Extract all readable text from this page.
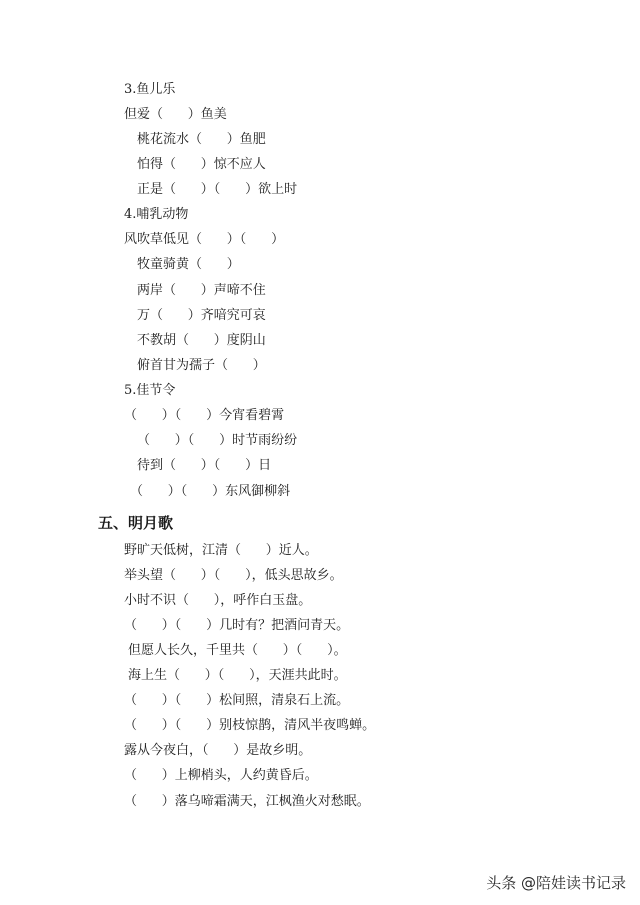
3.鱼儿乐
但爱（      ）鱼美
桃花流水（      ）鱼肥
怕得（      ）惊不应人
正是（      ）（      ）欲上时
4.哺乳动物
风吹草低见（      ）（      ）
牧童骑黄（      ）
两岸（      ）声啼不住
万（      ）齐喑究可哀
不教胡（      ）度阴山
俯首甘为孺子（      ）
5.佳节令
（      ）（      ）今宵看碧霄
（      ）（      ）时节雨纷纷
待到（      ）（      ）日
（      ）（      ）东风御柳斜
五、明月歌
野旷天低树，江清（      ）近人。
举头望（      ）（      ），低头思故乡。
小时不识（      ），呼作白玉盘。
（      ）（      ）几时有？把酒问青天。
但愿人长久，千里共（      ）（      ）。
海上生（      ）（      ），天涯共此时。
（      ）（      ）松间照，清泉石上流。
（      ）（      ）别枝惊鹊，清风半夜鸣蝉。
露从今夜白，（      ）是故乡明。
（      ）上柳梢头，人约黄昏后。
（      ）落乌啼霜满天，江枫渔火对愁眠。
头条 @陪娃读书记录
